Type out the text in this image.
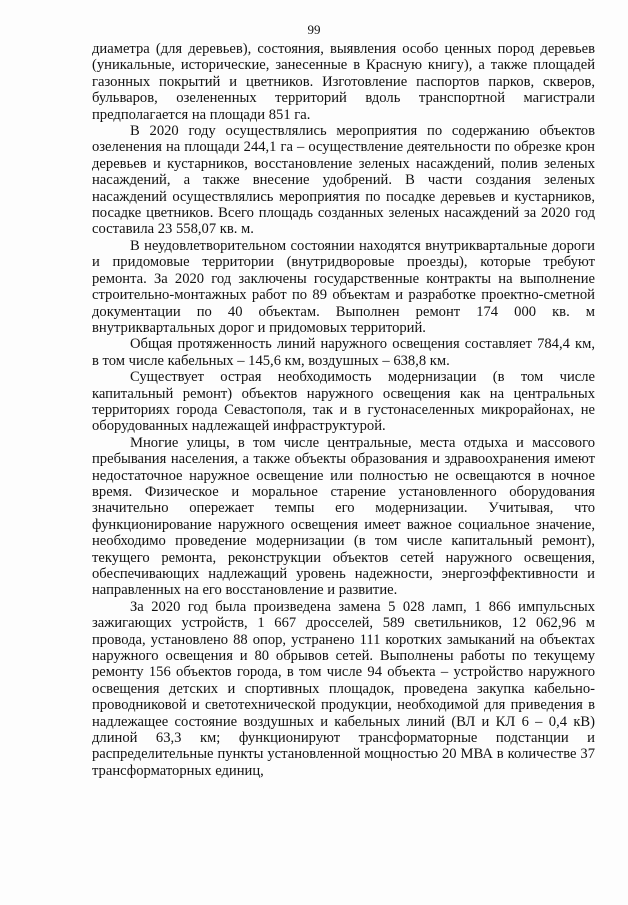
99

диаметра (для деревьев), состояния, выявления особо ценных пород деревьев (уникальные, исторические, занесенные в Красную книгу), а также площадей газонных покрытий и цветников. Изготовление паспортов парков, скверов, бульваров, озелененных территорий вдоль транспортной магистрали предполагается на площади 851 га.

В 2020 году осуществлялись мероприятия по содержанию объектов озеленения на площади 244,1 га – осуществление деятельности по обрезке крон деревьев и кустарников, восстановление зеленых насаждений, полив зеленых насаждений, а также внесение удобрений. В части создания зеленых насаждений осуществлялись мероприятия по посадке деревьев и кустарников, посадке цветников. Всего площадь созданных зеленых насаждений за 2020 год составила 23 558,07 кв. м.

В неудовлетворительном состоянии находятся внутриквартальные дороги и придомовые территории (внутридворовые проезды), которые требуют ремонта. За 2020 год заключены государственные контракты на выполнение строительно-монтажных работ по 89 объектам и разработке проектно-сметной документации по 40 объектам. Выполнен ремонт 174 000 кв. м внутриквартальных дорог и придомовых территорий.

Общая протяженность линий наружного освещения составляет 784,4 км, в том числе кабельных – 145,6 км, воздушных – 638,8 км.

Существует острая необходимость модернизации (в том числе капитальный ремонт) объектов наружного освещения как на центральных территориях города Севастополя, так и в густонаселенных микрорайонах, не оборудованных надлежащей инфраструктурой.

Многие улицы, в том числе центральные, места отдыха и массового пребывания населения, а также объекты образования и здравоохранения имеют недостаточное наружное освещение или полностью не освещаются в ночное время. Физическое и моральное старение установленного оборудования значительно опережает темпы его модернизации. Учитывая, что функционирование наружного освещения имеет важное социальное значение, необходимо проведение модернизации (в том числе капитальный ремонт), текущего ремонта, реконструкции объектов сетей наружного освещения, обеспечивающих надлежащий уровень надежности, энергоэффективности и направленных на его восстановление и развитие.

За 2020 год была произведена замена 5 028 ламп, 1 866 импульсных зажигающих устройств, 1 667 дросселей, 589 светильников, 12 062,96 м провода, установлено 88 опор, устранено 111 коротких замыканий на объектах наружного освещения и 80 обрывов сетей. Выполнены работы по текущему ремонту 156 объектов города, в том числе 94 объекта – устройство наружного освещения детских и спортивных площадок, проведена закупка кабельно-проводниковой и светотехнической продукции, необходимой для приведения в надлежащее состояние воздушных и кабельных линий (ВЛ и КЛ 6 – 0,4 кВ) длиной 63,3 км; функционируют трансформаторные подстанции и распределительные пункты установленной мощностью 20 МВА в количестве 37 трансформаторных единиц,
